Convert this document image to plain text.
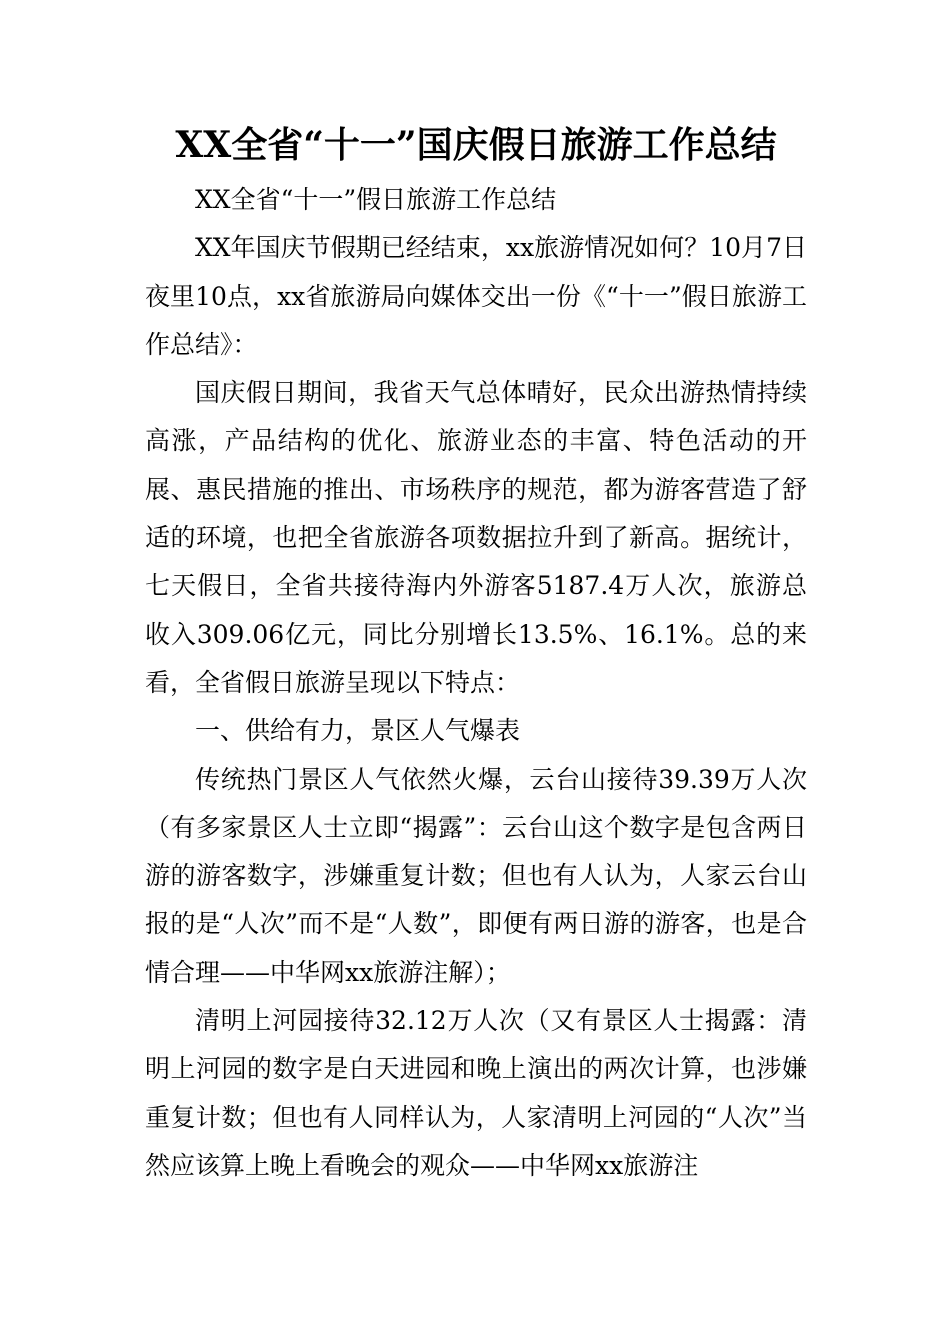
XX全省“十一”国庆假日旅游工作总结

XX全省“十一”假日旅游工作总结

XX年国庆节假期已经结束，xx旅游情况如何？10月7日夜里10点，xx省旅游局向媒体交出一份《“十一”假日旅游工作总结》：

国庆假日期间，我省天气总体晴好，民众出游热情持续高涨，产品结构的优化、旅游业态的丰富、特色活动的开展、惠民措施的推出、市场秩序的规范，都为游客营造了舒适的环境，也把全省旅游各项数据拉升到了新高。据统计，七天假日，全省共接待海内外游客5187.4万人次，旅游总收入309.06亿元，同比分别增长13.5%、16.1%。总的来看，全省假日旅游呈现以下特点：

一、供给有力，景区人气爆表

传统热门景区人气依然火爆，云台山接待39.39万人次（有多家景区人士立即“揭露”：云台山这个数字是包含两日游的游客数字，涉嫌重复计数；但也有人认为，人家云台山报的是“人次”而不是“人数”，即便有两日游的游客，也是合情合理——中华网xx旅游注解）；

清明上河园接待32.12万人次（又有景区人士揭露：清明上河园的数字是白天进园和晚上演出的两次计算，也涉嫌重复计数；但也有人同样认为，人家清明上河园的“人次”当然应该算上晚上看晚会的观众——中华网xx旅游注
